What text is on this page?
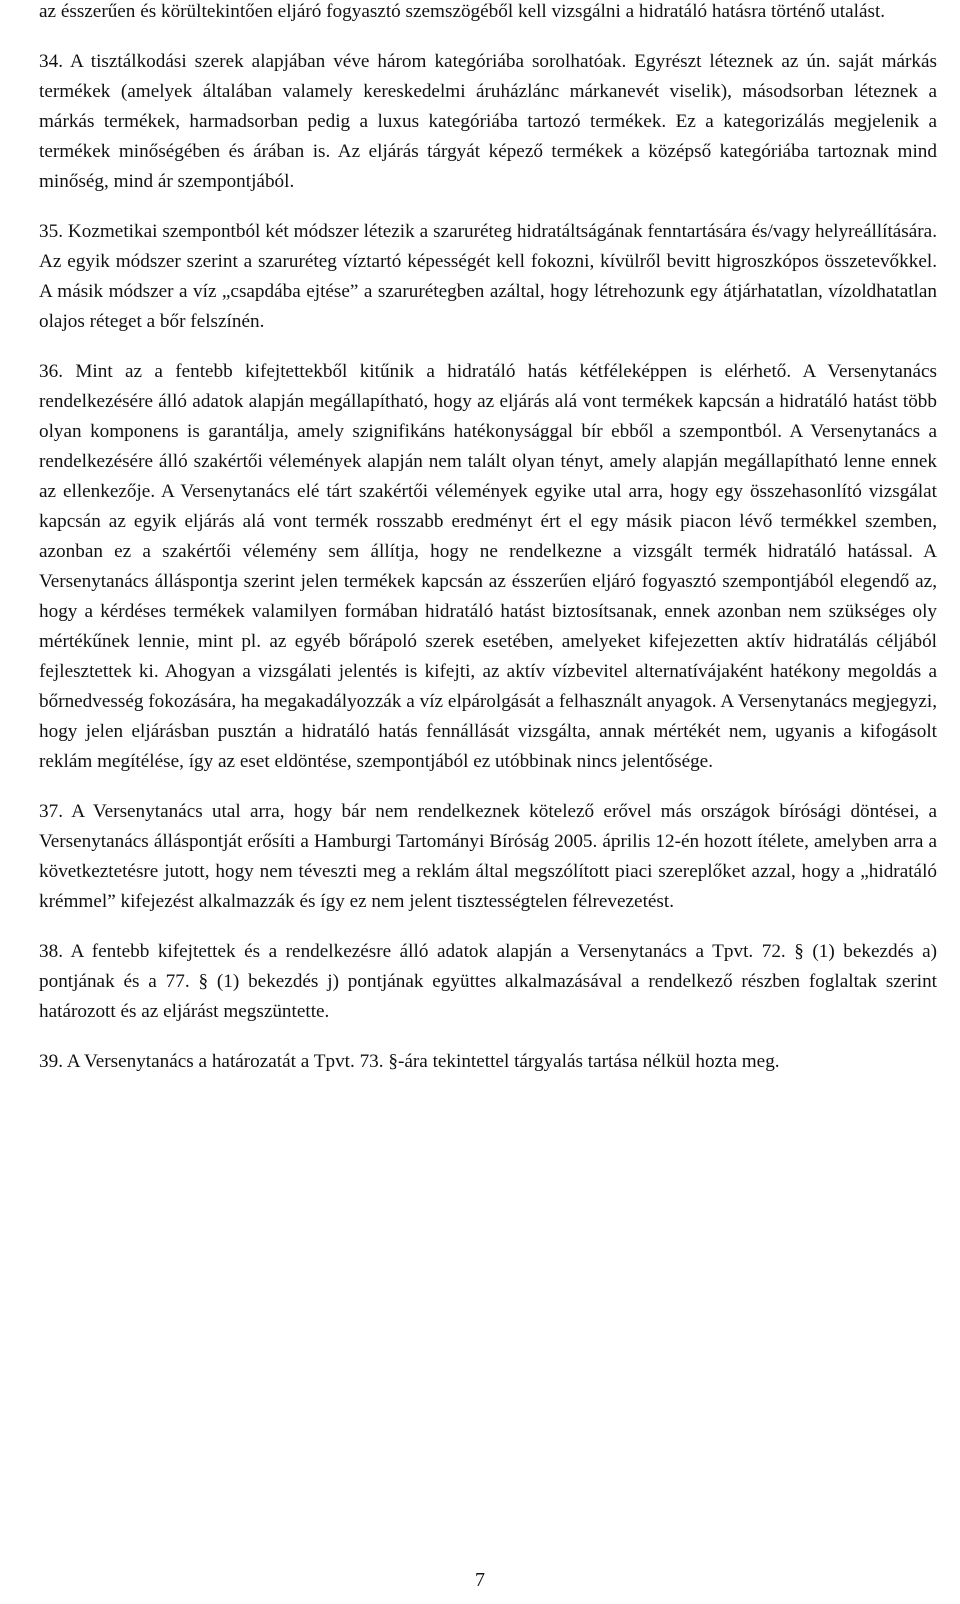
az ésszerűen és körültekintően eljáró fogyasztó szemszögéből kell vizsgálni a hidratáló hatásra történő utalást.

34. A tisztálkodási szerek alapjában véve három kategóriába sorolhatóak. Egyrészt léteznek az ún. saját márkás termékek (amelyek általában valamely kereskedelmi áruházlánc márkanevét viselik), másodsorban léteznek a márkás termékek, harmadsorban pedig a luxus kategóriába tartozó termékek. Ez a kategorizálás megjelenik a termékek minőségében és árában is. Az eljárás tárgyát képező termékek a középső kategóriába tartoznak mind minőség, mind ár szempontjából.

35. Kozmetikai szempontból két módszer létezik a szaruréteg hidratáltságának fenntartására és/vagy helyreállítására. Az egyik módszer szerint a szaruréteg víztartó képességét kell fokozni, kívülről bevitt higroszkópos összetevőkkel. A másik módszer a víz „csapdába ejtése” a szarurétegben azáltal, hogy létrehozunk egy átjárhatatlan, vízoldhatatlan olajos réteget a bőr felszínén.

36. Mint az a fentebb kifejtettekből kitűnik a hidratáló hatás kétféleképpen is elérhető. A Versenytanács rendelkezésére álló adatok alapján megállapítható, hogy az eljárás alá vont termékek kapcsán a hidratáló hatást több olyan komponens is garantálja, amely szignifikáns hatékonysággal bír ebből a szempontból. A Versenytanács a rendelkezésére álló szakértői vélemények alapján nem talált olyan tényt, amely alapján megállapítható lenne ennek az ellenkezője. A Versenytanács elé tárt szakértői vélemények egyike utal arra, hogy egy összehasonlító vizsgálat kapcsán az egyik eljárás alá vont termék rosszabb eredményt ért el egy másik piacon lévő termékkel szemben, azonban ez a szakértői vélemény sem állítja, hogy ne rendelkezne a vizsgált termék hidratáló hatással. A Versenytanács álláspontja szerint jelen termékek kapcsán az ésszerűen eljáró fogyasztó szempontjából elegendő az, hogy a kérdéses termékek valamilyen formában hidratáló hatást biztosítsanak, ennek azonban nem szükséges oly mértékűnek lennie, mint pl. az egyéb bőrápoló szerek esetében, amelyeket kifejezetten aktív hidratálás céljából fejlesztettek ki. Ahogyan a vizsgálati jelentés is kifejti, az aktív vízbevitel alternatívájaként hatékony megoldás a bőrnedvesség fokozására, ha megakadályozzák a víz elpárolgását a felhasznált anyagok. A Versenytanács megjegyzi, hogy jelen eljárásban pusztán a hidratáló hatás fennállását vizsgálta, annak mértékét nem, ugyanis a kifogásolt reklám megítélése, így az eset eldöntése, szempontjából ez utóbbinak nincs jelentősége.

37. A Versenytanács utal arra, hogy bár nem rendelkeznek kötelező erővel más országok bírósági döntései, a Versenytanács álláspontját erősíti a Hamburgi Tartományi Bíróság 2005. április 12-én hozott ítélete, amelyben arra a következtetésre jutott, hogy nem téveszti meg a reklám által megszólított piaci szereplőket azzal, hogy a „hidratáló krémmel” kifejezést alkalmazzák és így ez nem jelent tisztességtelen félrevezetést.

38. A fentebb kifejtettek és a rendelkezésre álló adatok alapján a Versenytanács a Tpvt. 72. § (1) bekezdés a) pontjának és a 77. § (1) bekezdés j) pontjának együttes alkalmazásával a rendelkező részben foglaltak szerint határozott és az eljárást megszüntette.

39. A Versenytanács a határozatát a Tpvt. 73. §-ára tekintettel tárgyalás tartása nélkül hozta meg.

7
